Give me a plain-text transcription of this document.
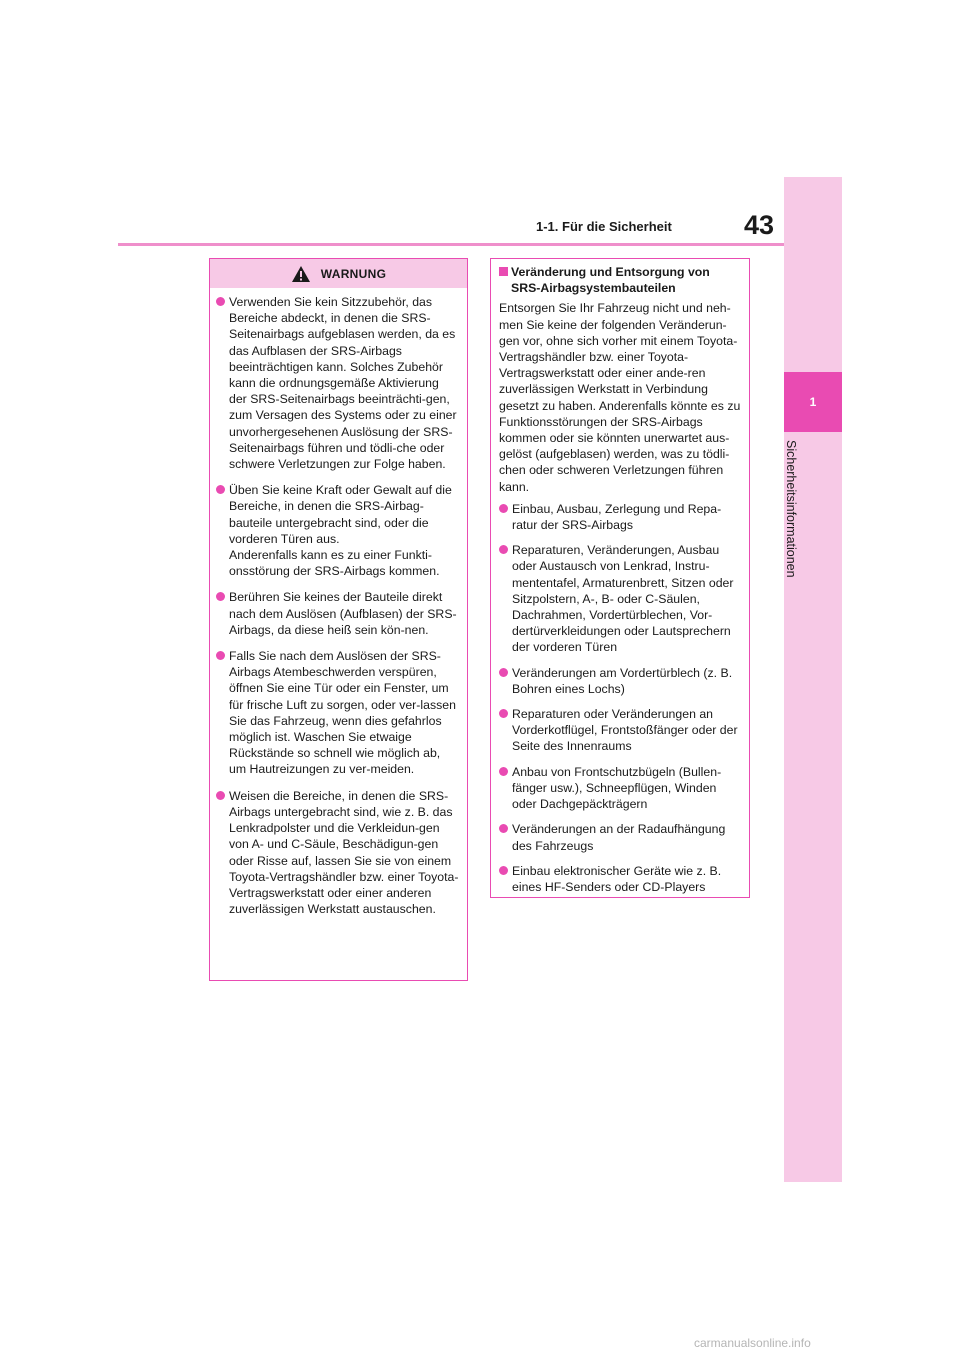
1-1. Für die Sicherheit	43
1
Sicherheitsinformationen
WARNUNG
Verwenden Sie kein Sitzzubehör, das Bereiche abdeckt, in denen die SRS-Seitenairbags aufgeblasen werden, da es das Aufblasen der SRS-Airbags beeinträchtigen kann. Solches Zubehör kann die ordnungsgemäße Aktivierung der SRS-Seitenairbags beeinträchti-gen, zum Versagen des Systems oder zu einer unvorhergesehenen Auslösung der SRS-Seitenairbags führen und tödli-che oder schwere Verletzungen zur Folge haben.
Üben Sie keine Kraft oder Gewalt auf die Bereiche, in denen die SRS-Airbag-bauteile untergebracht sind, oder die vorderen Türen aus.
Anderenfalls kann es zu einer Funkti-onsstörung der SRS-Airbags kommen.
Berühren Sie keines der Bauteile direkt nach dem Auslösen (Aufblasen) der SRS-Airbags, da diese heiß sein kön-nen.
Falls Sie nach dem Auslösen der SRS-Airbags Atembeschwerden verspüren, öffnen Sie eine Tür oder ein Fenster, um für frische Luft zu sorgen, oder ver-lassen Sie das Fahrzeug, wenn dies gefahrlos möglich ist. Waschen Sie etwaige Rückstände so schnell wie möglich ab, um Hautreizungen zu ver-meiden.
Weisen die Bereiche, in denen die SRS-Airbags untergebracht sind, wie z. B. das Lenkradpolster und die Verkleidun-gen von A- und C-Säule, Beschädigun-gen oder Risse auf, lassen Sie sie von einem Toyota-Vertragshändler bzw. einer Toyota-Vertragswerkstatt oder einer anderen zuverlässigen Werkstatt austauschen.
Veränderung und Entsorgung von SRS-Airbagsystembauteilen

Entsorgen Sie Ihr Fahrzeug nicht und neh-men Sie keine der folgenden Veränderun-gen vor, ohne sich vorher mit einem Toyota-Vertragshändler bzw. einer Toyota-Vertragswerkstatt oder einer ande-ren zuverlässigen Werkstatt in Verbindung gesetzt zu haben. Anderenfalls könnte es zu Funktionsstörungen der SRS-Airbags kommen oder sie könnten unerwartet aus-gelöst (aufgeblasen) werden, was zu tödli-chen oder schweren Verletzungen führen kann.

Einbau, Ausbau, Zerlegung und Repa-ratur der SRS-Airbags
Reparaturen, Veränderungen, Ausbau oder Austausch von Lenkrad, Instru-mententafel, Armaturenbrett, Sitzen oder Sitzpolstern, A-, B- oder C-Säulen, Dachrahmen, Vordertürblechen, Vor-dertürverkleidungen oder Lautsprechern der vorderen Türen
Veränderungen am Vordertürblech (z. B. Bohren eines Lochs)
Reparaturen oder Veränderungen an Vorderkotflügel, Frontstoßfänger oder der Seite des Innenraums
Anbau von Frontschutzbügeln (Bullen-fänger usw.), Schneepflügen, Winden oder Dachgepäckträgern
Veränderungen an der Radaufhängung des Fahrzeugs
Einbau elektronischer Geräte wie z. B. eines HF-Senders oder CD-Players
carmanualsonline.info
